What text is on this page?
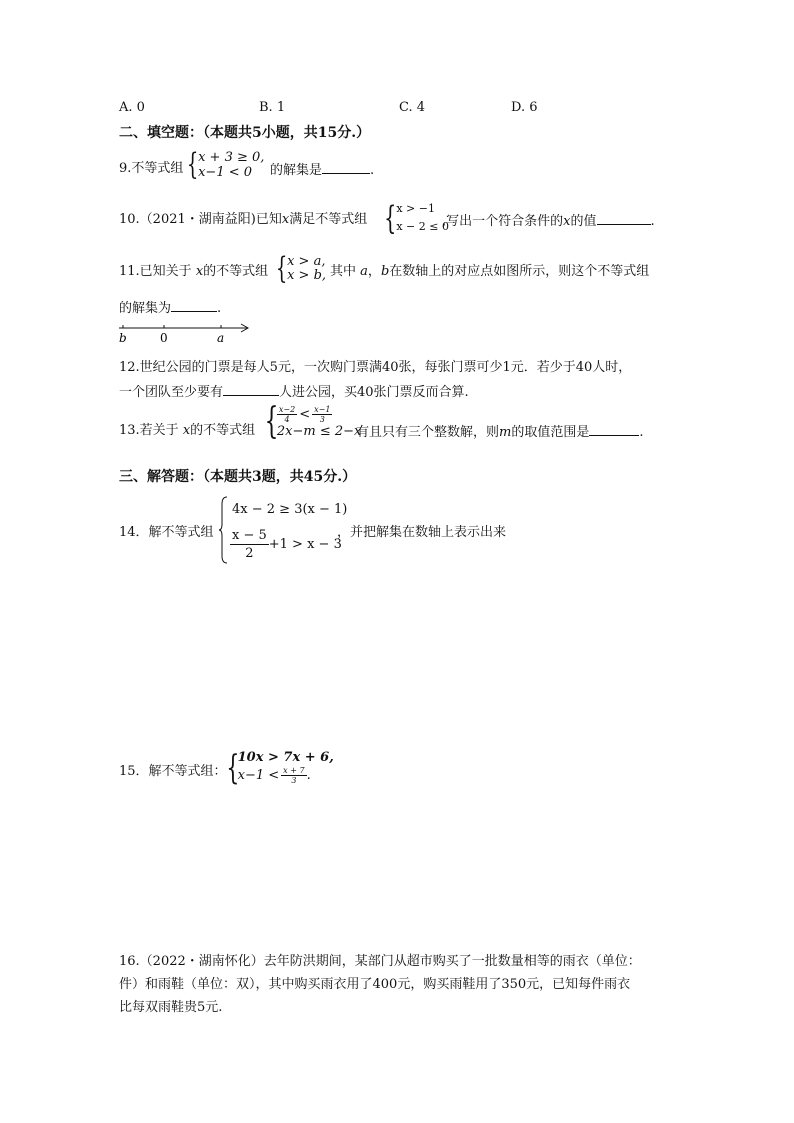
A. 0	B. 1	C. 4	D. 6
二、填空题：（本题共5小题，共15分.）
9.不等式组 { x + 3 ≥ 0,
x−1 < 0	的解集是	.
10.（2021・湖南益阳)已知x满足不等式组 { x > −1
x − 2 ≤ 0
,写出一个符合条件的x的值	.
11.已知关于 x的不等式组 { x > a,
x > b, 其中 a，b在数轴上的对应点如图所示，则这个不等式组
的解集为	.
b	0	a
12.世纪公园的门票是每人5元，一次购门票满40张，每张门票可少1元．若少于40人时，
一个团队至少要有	人进公园，买40张门票反而合算.
13.若关于 x的不等式组 {
$\frac{x-2}{4} < \frac{x-1}{3}$
2x−m ≤ 2−x
有且只有三个整数解，则m的取值范围是	.
三、解答题：（本题共3题，共45分.）
14．解不等式组
4x − 2 ≥ 3(x − 1)
$\frac{x - 5}{2} +1 > x - 3$
，并把解集在数轴上表示出来
15．解不等式组： {
10x > 7x + 6,
$x-1 < \frac{x + 7}{3}$ .
16.（2022・湖南怀化）去年防洪期间，某部门从超市购买了一批数量相等的雨衣（单位：
件）和雨鞋（单位：双），其中购买雨衣用了400元，购买雨鞋用了350元，已知每件雨衣
比每双雨鞋贵5元.
